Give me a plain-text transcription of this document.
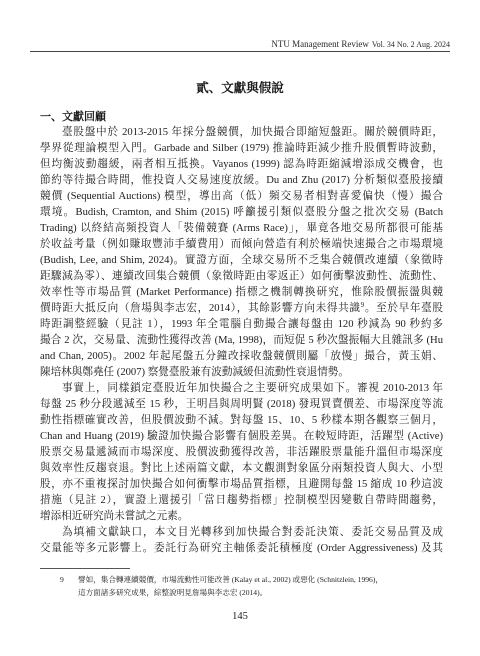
NTU Management Review Vol. 34 No. 2 Aug. 2024
貳、文獻與假說
一、文獻回顧
臺股盤中於 2013-2015 年採分盤競價，加快撮合即縮短盤距。關於競價時距，
學界從理論模型入門。Garbade and Silber (1979) 推論時距減少推升股價暫時波動，
但均衡波動趨緩，兩者相互抵換。Vayanos (1999) 認為時距縮減增添成交機會，也
節約等待撮合時間，惟投資人交易速度放緩。Du and Zhu (2017) 分析類似臺股接續
競價 (Sequential Auctions) 模型，導出高（低）頻交易者相對喜愛偏快（慢）撮合
環境。Budish, Cramton, and Shim (2015) 呼籲援引類似臺股分盤之批次交易 (Batch
Trading) 以終結高頻投資人「裝備競賽 (Arms Race)」，畢竟各地交易所都很可能基
於收益考量（例如賺取豐沛手續費用）而傾向營造有利於極端快速撮合之市場環境
(Budish, Lee, and Shim, 2024)。實證方面，全球交易所不乏集合競價改連續（象徵時
距驟減為零）、連續改回集合競價（象徵時距由零返正）如何衝擊波動性、流動性、
效率性等市場品質 (Market Performance) 指標之機制轉換研究，惟除股價振盪與競
價時距大抵反向（詹場與李志宏，2014），其餘影響方向未得共識$^9$。至於早年臺股
時距調整經驗（見註 1），1993 年全電腦自動撮合讓每盤由 120 秒減為 90 秒約多
撮合 2 次，交易量、流動性獲得改善 (Ma, 1998)，而短促 5 秒次盤振幅大且雜訊多 (Hu
and Chan, 2005)。2002 年起尾盤五分鐘改採收盤競價則屬「放慢」撮合，黃玉娟、
陳培林與鄭堯任 (2007) 察覺臺股兼有波動減緩但流動性衰退情勢。
事實上，同樣鎖定臺股近年加快撮合之主要研究成果如下。審視 2010-2013 年
每盤 25 秒分段遞減至 15 秒，王明昌與周明賢 (2018) 發現買賣價差、市場深度等流
動性指標確實改善，但股價波動不減。對每盤 15、10、5 秒樣本期各觀察三個月，
Chan and Huang (2019) 驗證加快撮合影響有個股差異。在較短時距，活躍型 (Active)
股票交易量遞減而市場深度、股價波動獲得改善，非活躍股票量能升溫但市場深度
與效率性反趨衰退。對比上述兩篇文獻，本文觀測對象區分兩類投資人與大、小型
股，亦不重複探討加快撮合如何衝擊市場品質指標，且避開每盤 15 縮成 10 秒這波
措施（見註 2），實證上還援引「當日趨勢指標」控制模型因變數自帶時間趨勢，
增添相近研究尚未嘗試之元素。
為填補文獻缺口，本文目光轉移到加快撮合對委託決策、委託交易品質及成
交量能等多元影響上。委託行為研究主軸係委託積極度 (Order Aggressiveness) 及其
9 譬如，集合轉連續競價，市場流動性可能改善 (Kalay et al., 2002) 或惡化 (Schnitzlein, 1996)，
這方面諸多研究成果，綜整說明見詹場與李志宏 (2014)。
145
